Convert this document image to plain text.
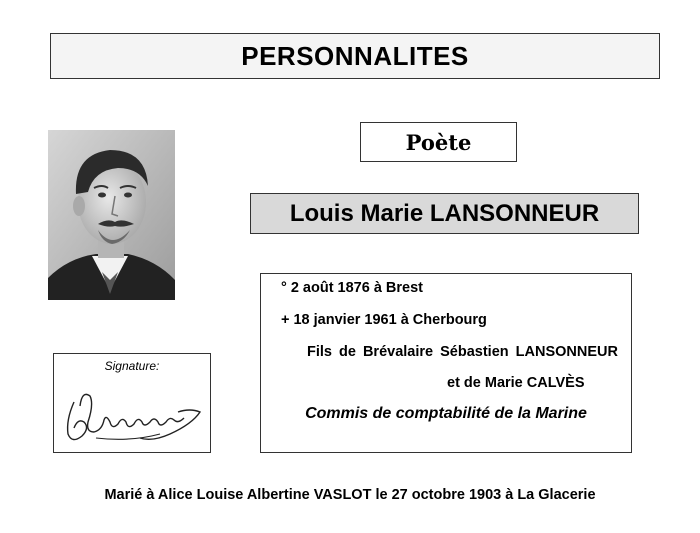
PERSONNALITES
Poète
Louis Marie LANSONNEUR
Signature:
° 2 août 1876 à Brest
+ 18 janvier 1961 à Cherbourg
Fils de Brévalaire Sébastien LANSONNEUR
et de Marie CALVÈS
Commis de comptabilité de la Marine
Marié à Alice Louise Albertine VASLOT le 27 octobre 1903 à La Glacerie
